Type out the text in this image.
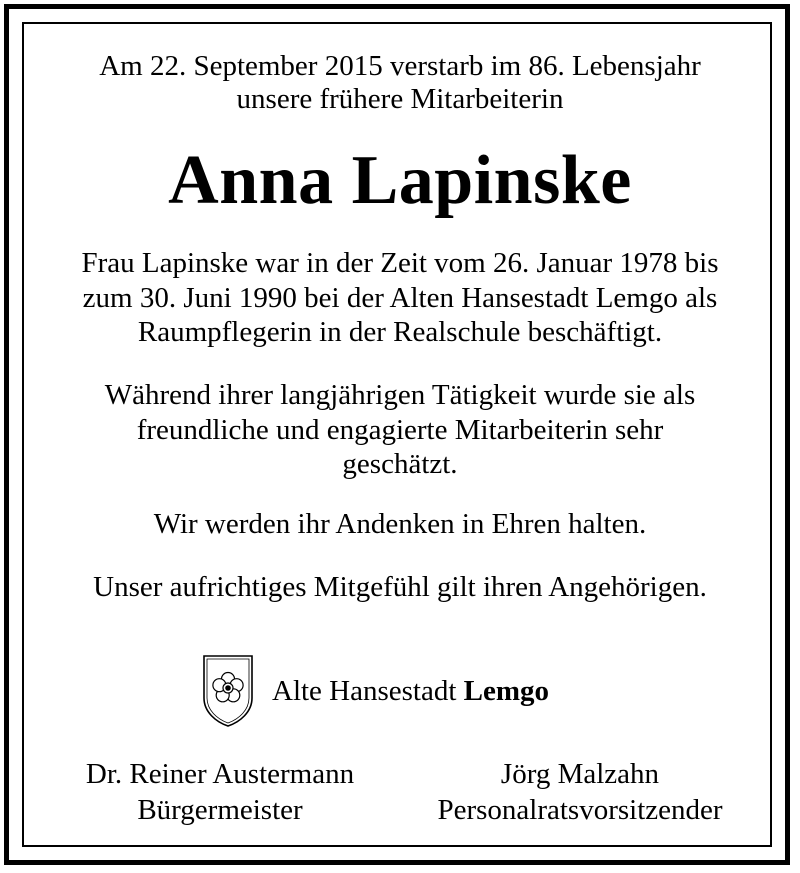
Am 22. September 2015 verstarb im 86. Lebensjahr
unsere frühere Mitarbeiterin
Anna Lapinske
Frau Lapinske war in der Zeit vom 26. Januar 1978 bis
zum 30. Juni 1990 bei der Alten Hansestadt Lemgo als
Raumpflegerin in der Realschule beschäftigt.
Während ihrer langjährigen Tätigkeit wurde sie als
freundliche und engagierte Mitarbeiterin sehr
geschätzt.
Wir werden ihr Andenken in Ehren halten.
Unser aufrichtiges Mitgefühl gilt ihren Angehörigen.
Alte Hansestadt Lemgo
Dr. Reiner Austermann
Bürgermeister
Jörg Malzahn
Personalratsvorsitzender
